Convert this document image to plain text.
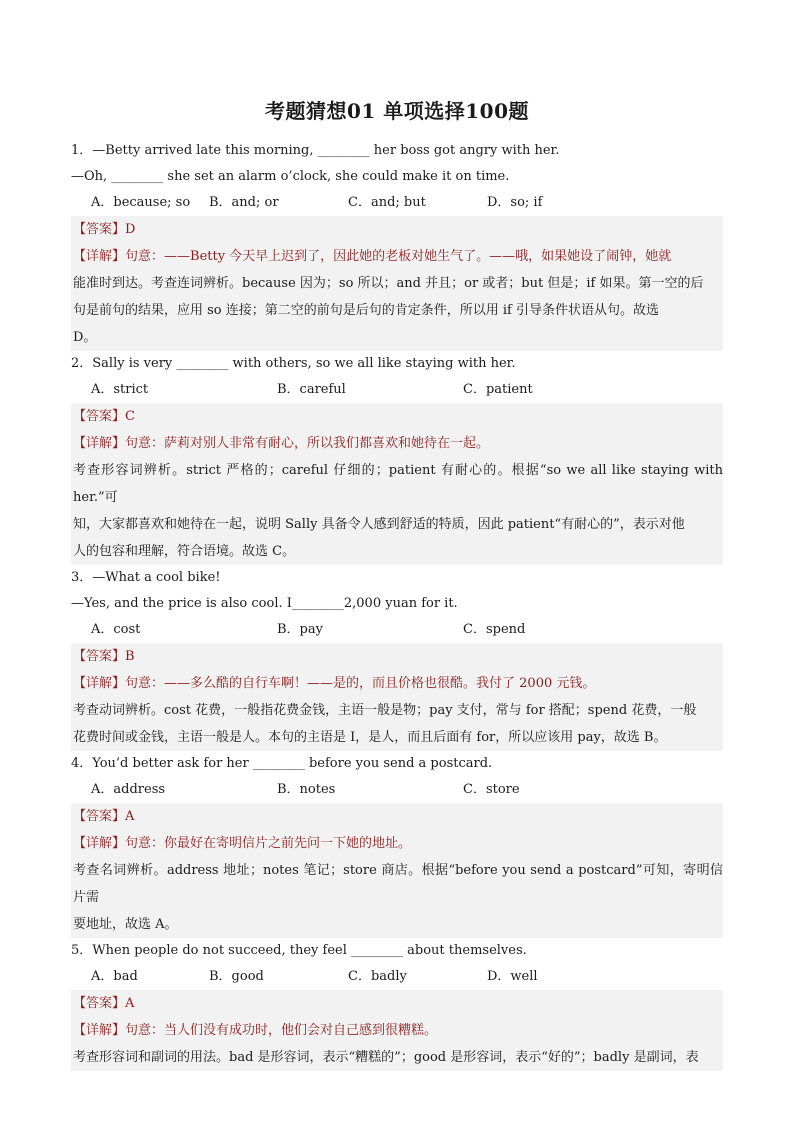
考题猜想01 单项选择100题
1．—Betty arrived late this morning, ________ her boss got angry with her.
—Oh, ________ she set an alarm o’clock, she could make it on time.
A．because; so	B．and; or	C．and; but	D．so; if
【答案】D
【详解】句意：——Betty 今天早上迟到了，因此她的老板对她生气了。——哦，如果她设了闹钟，她就
能准时到达。考查连词辨析。because 因为；so 所以；and 并且；or 或者；but 但是；if 如果。第一空的后
句是前句的结果，应用 so 连接；第二空的前句是后句的肯定条件，所以用 if 引导条件状语从句。故选
D。
2．Sally is very ________ with others, so we all like staying with her.
A．strict	B．careful	C．patient
【答案】C
【详解】句意：萨莉对别人非常有耐心，所以我们都喜欢和她待在一起。
考查形容词辨析。strict 严格的；careful 仔细的；patient 有耐心的。根据“so we all like staying with her.”可
知，大家都喜欢和她待在一起，说明 Sally 具备令人感到舒适的特质，因此 patient“有耐心的”，表示对他
人的包容和理解，符合语境。故选 C。
3．—What a cool bike!
—Yes, and the price is also cool. I________2,000 yuan for it.
A．cost	B．pay	C．spend
【答案】B
【详解】句意：——多么酷的自行车啊！——是的，而且价格也很酷。我付了 2000 元钱。
考查动词辨析。cost 花费，一般指花费金钱，主语一般是物；pay 支付，常与 for 搭配；spend 花费，一般
花费时间或金钱，主语一般是人。本句的主语是 I，是人，而且后面有 for，所以应该用 pay，故选 B。
4．You’d better ask for her ________ before you send a postcard.
A．address	B．notes	C．store
【答案】A
【详解】句意：你最好在寄明信片之前先问一下她的地址。
考查名词辨析。address 地址；notes 笔记；store 商店。根据“before you send a postcard”可知，寄明信片需
要地址，故选 A。
5．When people do not succeed, they feel ________ about themselves.
A．bad	B．good	C．badly	D．well
【答案】A
【详解】句意：当人们没有成功时，他们会对自己感到很糟糕。
考查形容词和副词的用法。bad 是形容词，表示“糟糕的”；good 是形容词，表示“好的”；badly 是副词，表
